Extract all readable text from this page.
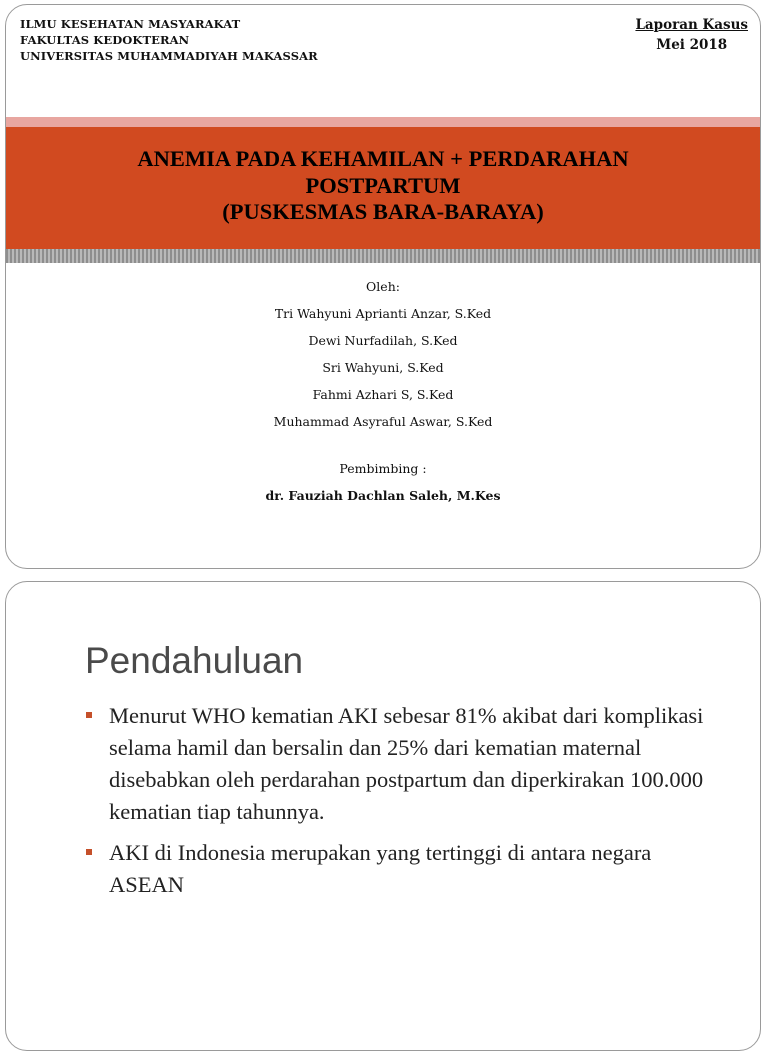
ILMU KESEHATAN MASYARAKAT
FAKULTAS KEDOKTERAN
UNIVERSITAS MUHAMMADIYAH MAKASSAR
Laporan Kasus
Mei 2018
ANEMIA PADA KEHAMILAN + PERDARAHAN
POSTPARTUM
(PUSKESMAS BARA-BARAYA)
Oleh:
Tri Wahyuni Aprianti Anzar, S.Ked
Dewi Nurfadilah, S.Ked
Sri Wahyuni, S.Ked
Fahmi Azhari S, S.Ked
Muhammad Asyraful Aswar, S.Ked
Pembimbing :
dr. Fauziah Dachlan Saleh, M.Kes
Pendahuluan
Menurut WHO kematian AKI sebesar 81% akibat dari komplikasi selama hamil dan bersalin dan 25% dari kematian maternal disebabkan oleh perdarahan postpartum dan diperkirakan 100.000 kematian tiap tahunnya.
AKI di Indonesia merupakan yang tertinggi di antara negara ASEAN
